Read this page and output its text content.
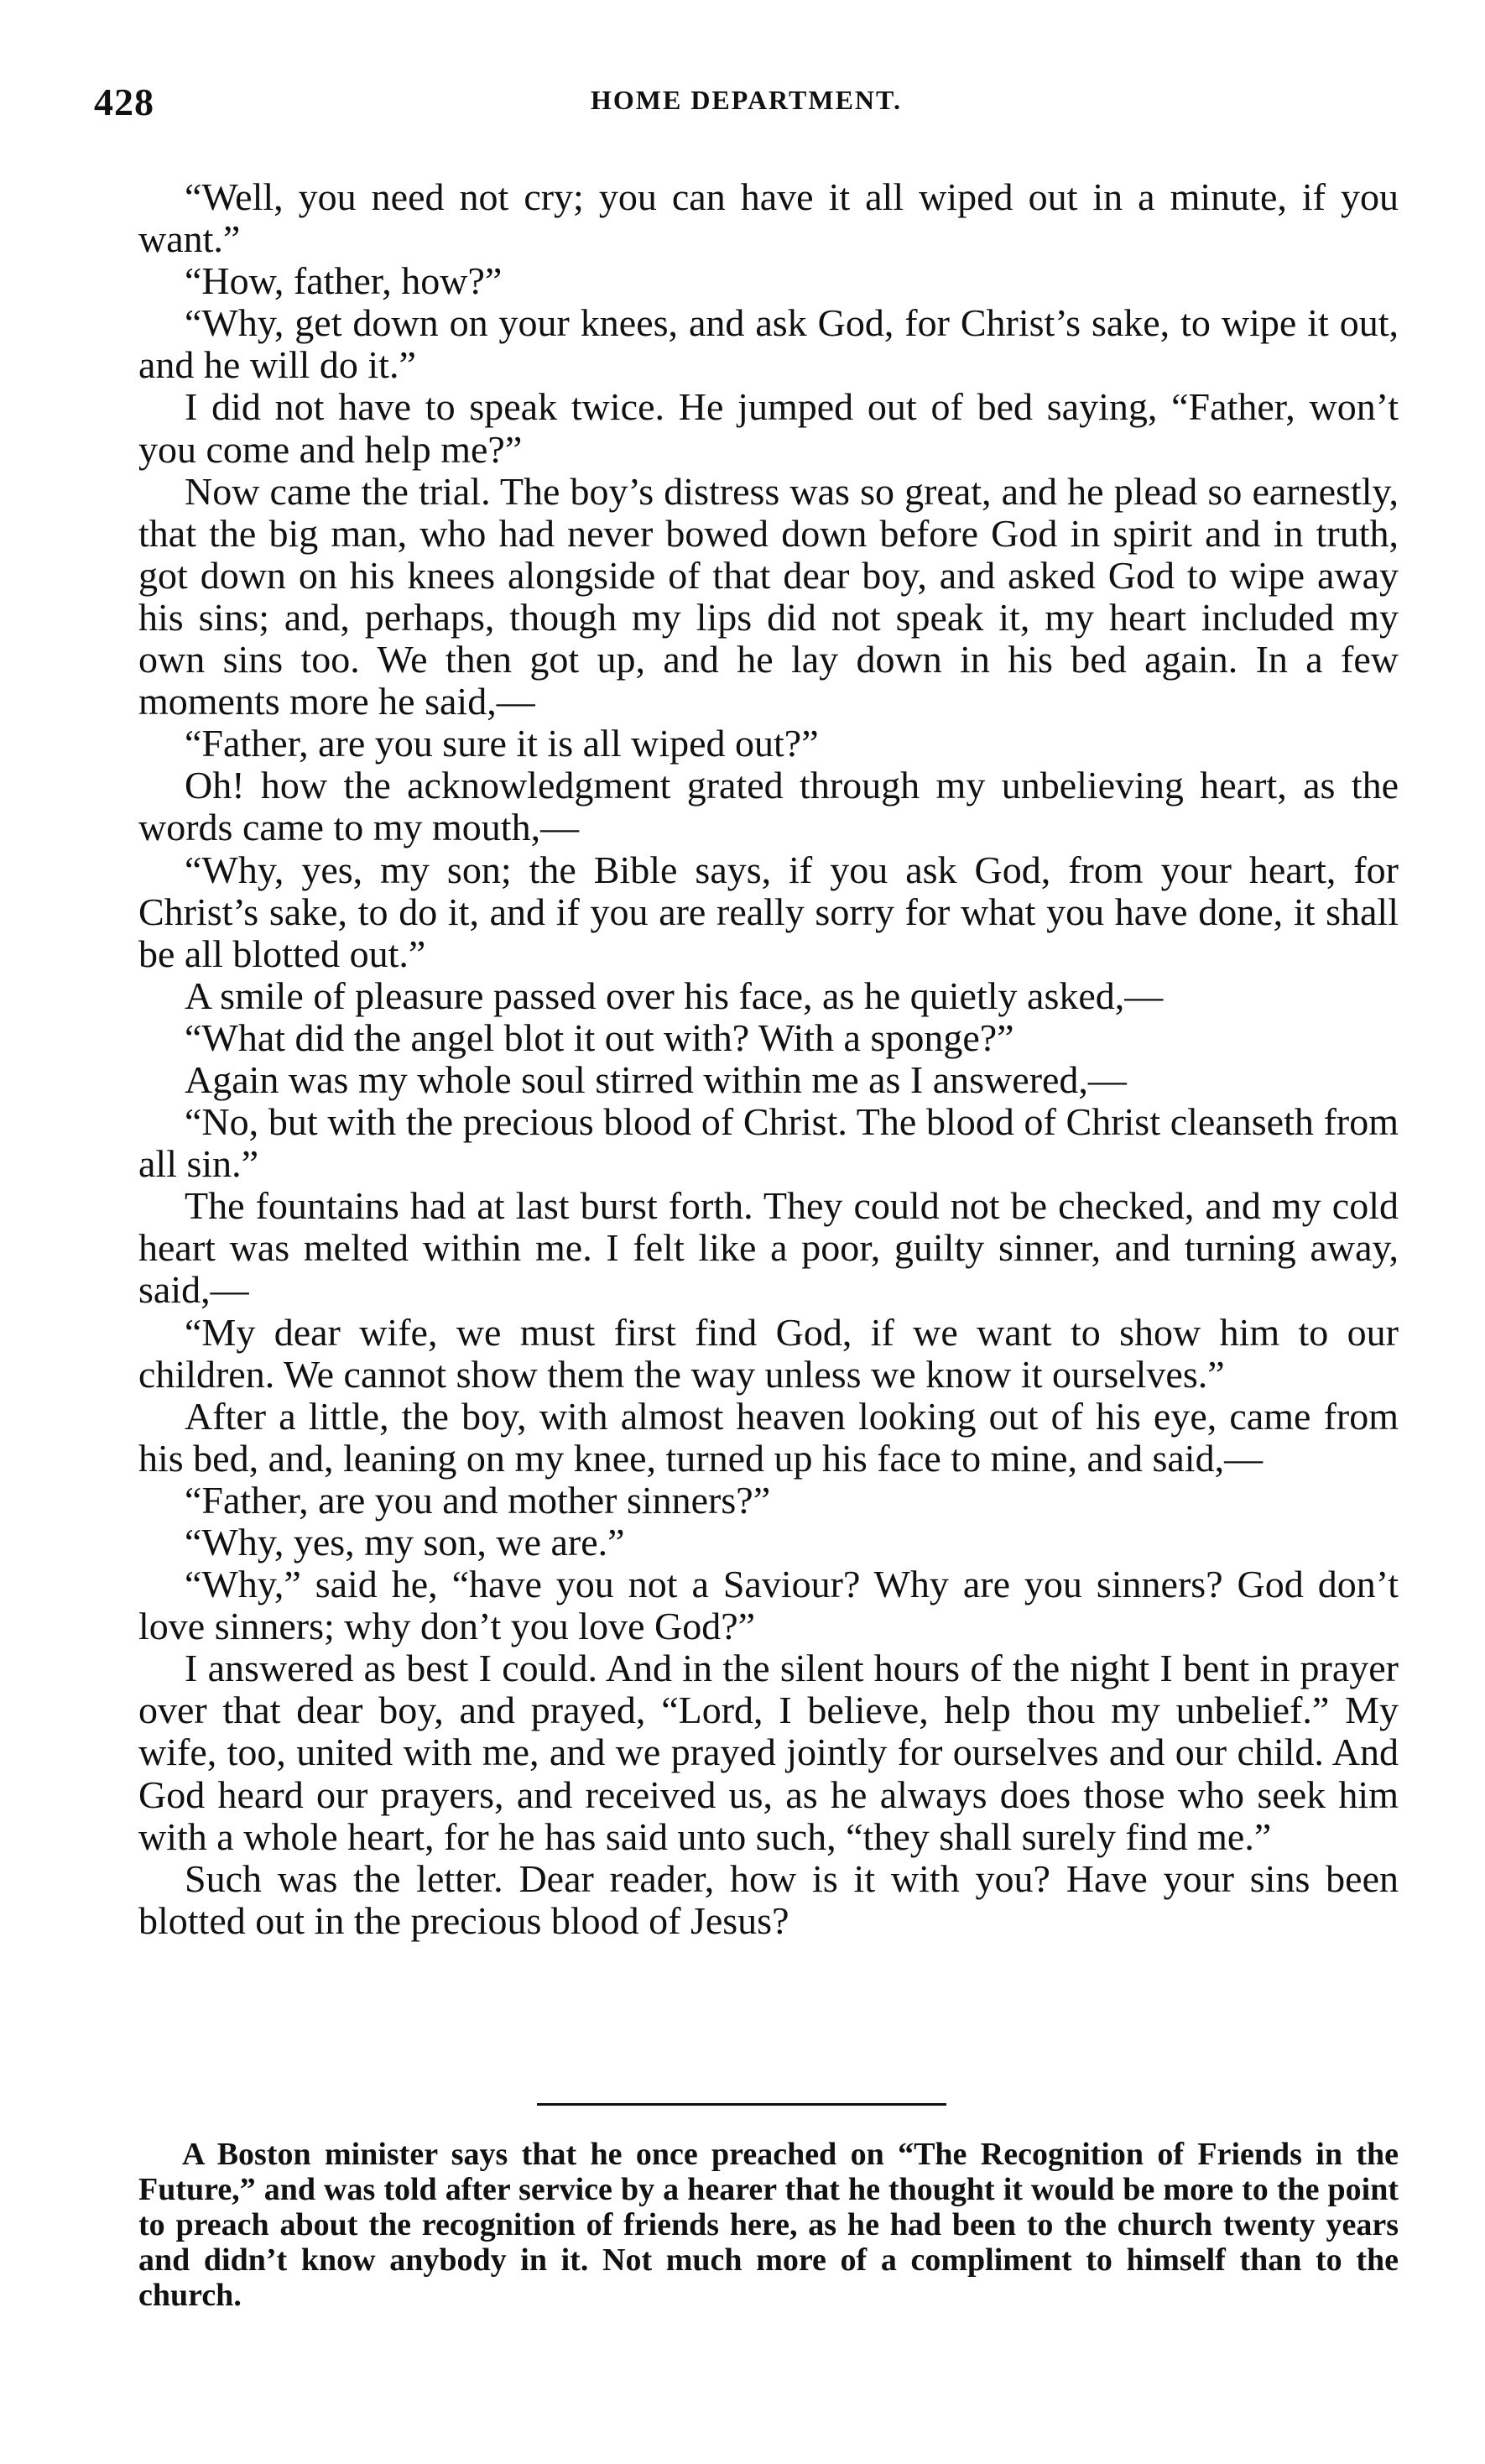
428	HOME DEPARTMENT.

“Well, you need not cry; you can have it all wiped out in a minute, if you want.”

“How, father, how?”

“Why, get down on your knees, and ask God, for Christ’s sake, to wipe it out, and he will do it.”

I did not have to speak twice. He jumped out of bed saying, “Father, won’t you come and help me?”

Now came the trial. The boy’s distress was so great, and he plead so earnestly, that the big man, who had never bowed down before God in spirit and in truth, got down on his knees alongside of that dear boy, and asked God to wipe away his sins; and, perhaps, though my lips did not speak it, my heart included my own sins too. We then got up, and he lay down in his bed again. In a few moments more he said,—

“Father, are you sure it is all wiped out?”

Oh! how the acknowledgment grated through my unbelieving heart, as the words came to my mouth,—

“Why, yes, my son; the Bible says, if you ask God, from your heart, for Christ’s sake, to do it, and if you are really sorry for what you have done, it shall be all blotted out.”

A smile of pleasure passed over his face, as he quietly asked,—

“What did the angel blot it out with? With a sponge?”

Again was my whole soul stirred within me as I answered,—

“No, but with the precious blood of Christ. The blood of Christ cleanseth from all sin.”

The fountains had at last burst forth. They could not be checked, and my cold heart was melted within me. I felt like a poor, guilty sinner, and turning away, said,—

“My dear wife, we must first find God, if we want to show him to our children. We cannot show them the way unless we know it ourselves.”

After a little, the boy, with almost heaven looking out of his eye, came from his bed, and, leaning on my knee, turned up his face to mine, and said,—

“Father, are you and mother sinners?”

“Why, yes, my son, we are.”

“Why,” said he, “have you not a Saviour? Why are you sinners? God don’t love sinners; why don’t you love God?”

I answered as best I could. And in the silent hours of the night I bent in prayer over that dear boy, and prayed, “Lord, I believe, help thou my unbelief.” My wife, too, united with me, and we prayed jointly for ourselves and our child. And God heard our prayers, and received us, as he always does those who seek him with a whole heart, for he has said unto such, “they shall surely find me.”

Such was the letter. Dear reader, how is it with you? Have your sins been blotted out in the precious blood of Jesus?

A Boston minister says that he once preached on “The Recognition of Friends in the Future,” and was told after service by a hearer that he thought it would be more to the point to preach about the recognition of friends here, as he had been to the church twenty years and didn’t know anybody in it. Not much more of a compliment to himself than to the church.
